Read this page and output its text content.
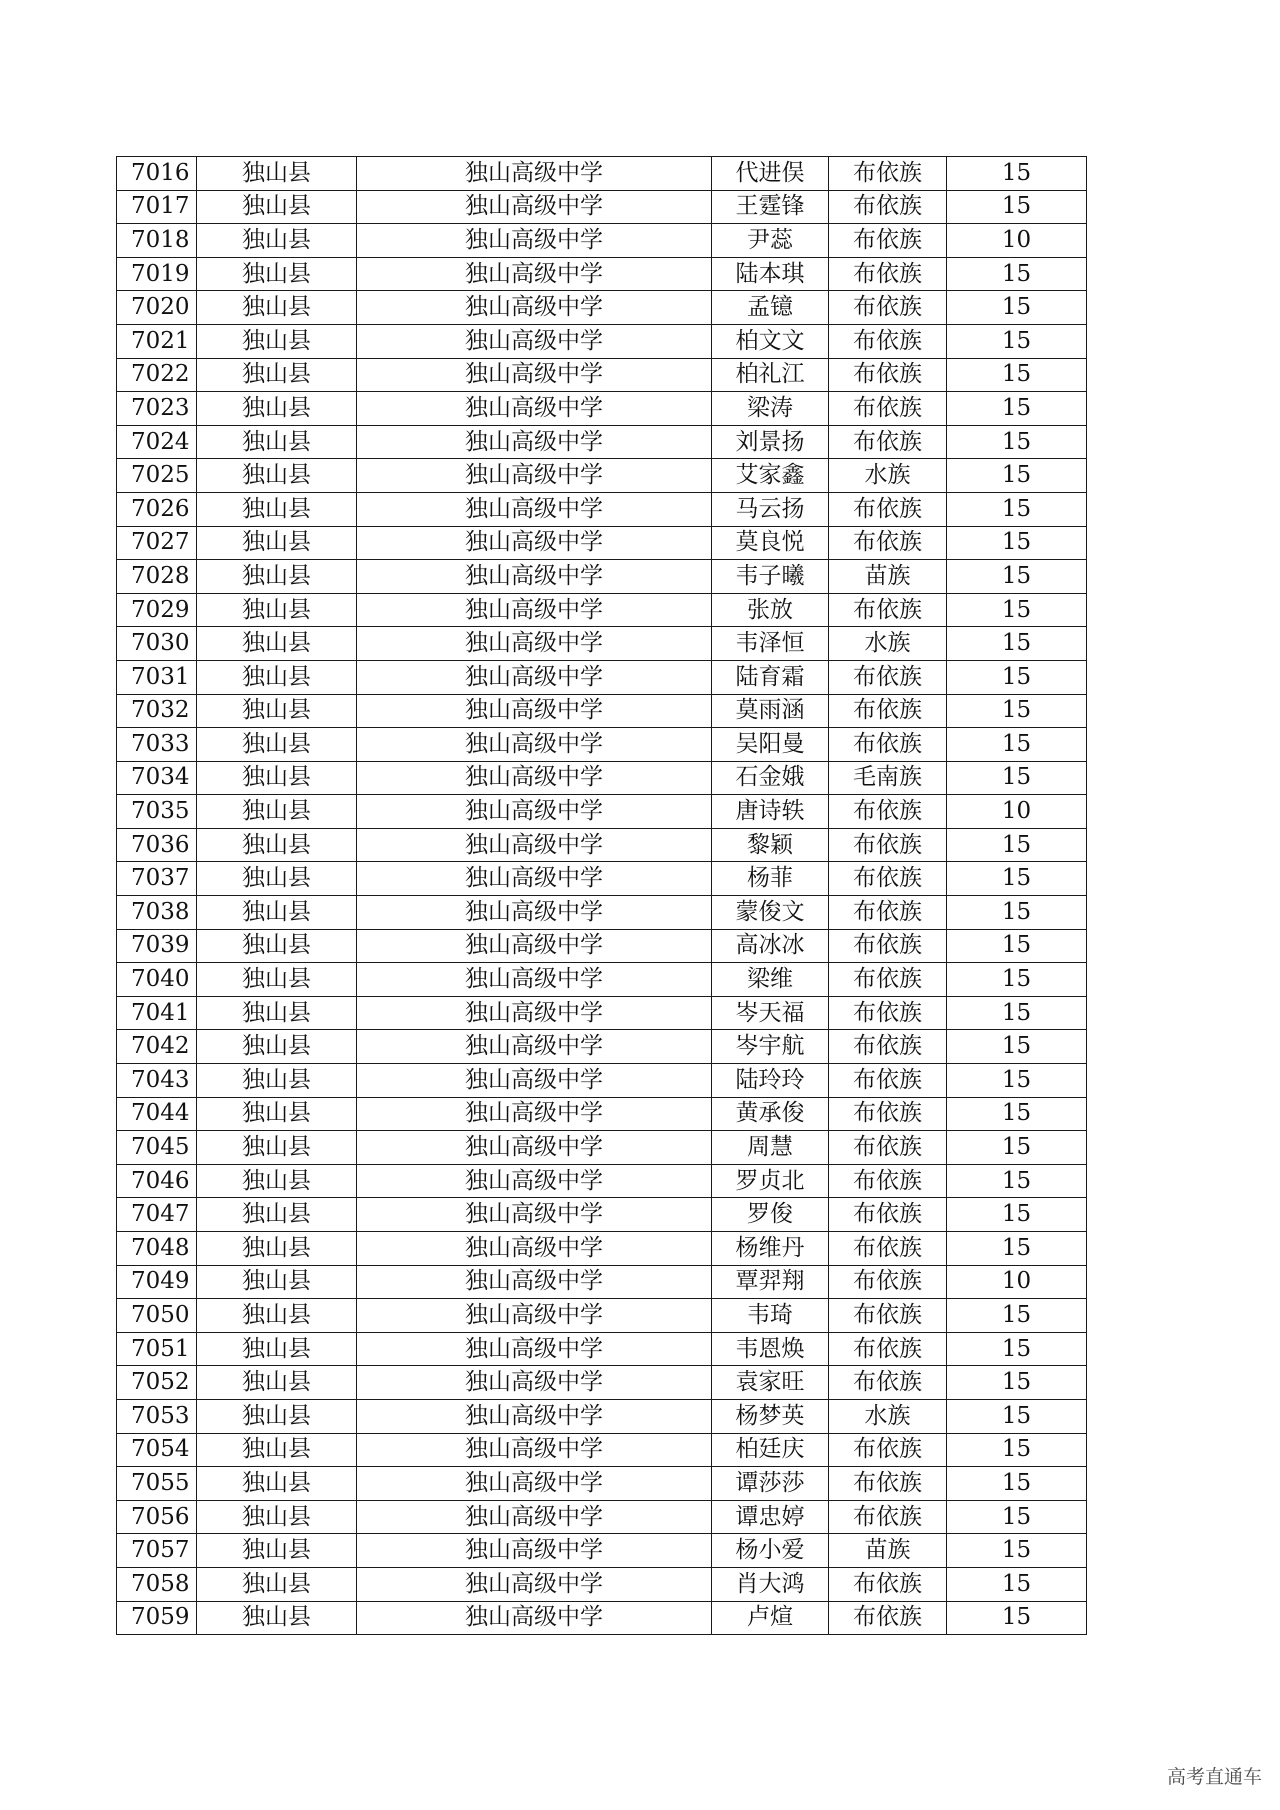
7016	独山县	独山高级中学	代进俣	布依族	15
7017	独山县	独山高级中学	王霆锋	布依族	15
7018	独山县	独山高级中学	尹蕊	布依族	10
7019	独山县	独山高级中学	陆本琪	布依族	15
7020	独山县	独山高级中学	孟镱	布依族	15
7021	独山县	独山高级中学	柏文文	布依族	15
7022	独山县	独山高级中学	柏礼江	布依族	15
7023	独山县	独山高级中学	梁涛	布依族	15
7024	独山县	独山高级中学	刘景扬	布依族	15
7025	独山县	独山高级中学	艾家鑫	水族	15
7026	独山县	独山高级中学	马云扬	布依族	15
7027	独山县	独山高级中学	莫良悦	布依族	15
7028	独山县	独山高级中学	韦子曦	苗族	15
7029	独山县	独山高级中学	张放	布依族	15
7030	独山县	独山高级中学	韦泽恒	水族	15
7031	独山县	独山高级中学	陆育霜	布依族	15
7032	独山县	独山高级中学	莫雨涵	布依族	15
7033	独山县	独山高级中学	吴阳曼	布依族	15
7034	独山县	独山高级中学	石金娥	毛南族	15
7035	独山县	独山高级中学	唐诗轶	布依族	10
7036	独山县	独山高级中学	黎颖	布依族	15
7037	独山县	独山高级中学	杨菲	布依族	15
7038	独山县	独山高级中学	蒙俊文	布依族	15
7039	独山县	独山高级中学	高冰冰	布依族	15
7040	独山县	独山高级中学	梁维	布依族	15
7041	独山县	独山高级中学	岑天福	布依族	15
7042	独山县	独山高级中学	岑宇航	布依族	15
7043	独山县	独山高级中学	陆玲玲	布依族	15
7044	独山县	独山高级中学	黄承俊	布依族	15
7045	独山县	独山高级中学	周慧	布依族	15
7046	独山县	独山高级中学	罗贞北	布依族	15
7047	独山县	独山高级中学	罗俊	布依族	15
7048	独山县	独山高级中学	杨维丹	布依族	15
7049	独山县	独山高级中学	覃羿翔	布依族	10
7050	独山县	独山高级中学	韦琦	布依族	15
7051	独山县	独山高级中学	韦恩焕	布依族	15
7052	独山县	独山高级中学	袁家旺	布依族	15
7053	独山县	独山高级中学	杨梦英	水族	15
7054	独山县	独山高级中学	柏廷庆	布依族	15
7055	独山县	独山高级中学	谭莎莎	布依族	15
7056	独山县	独山高级中学	谭忠婷	布依族	15
7057	独山县	独山高级中学	杨小爱	苗族	15
7058	独山县	独山高级中学	肖大鸿	布依族	15
7059	独山县	独山高级中学	卢煊	布依族	15
高考直通车
